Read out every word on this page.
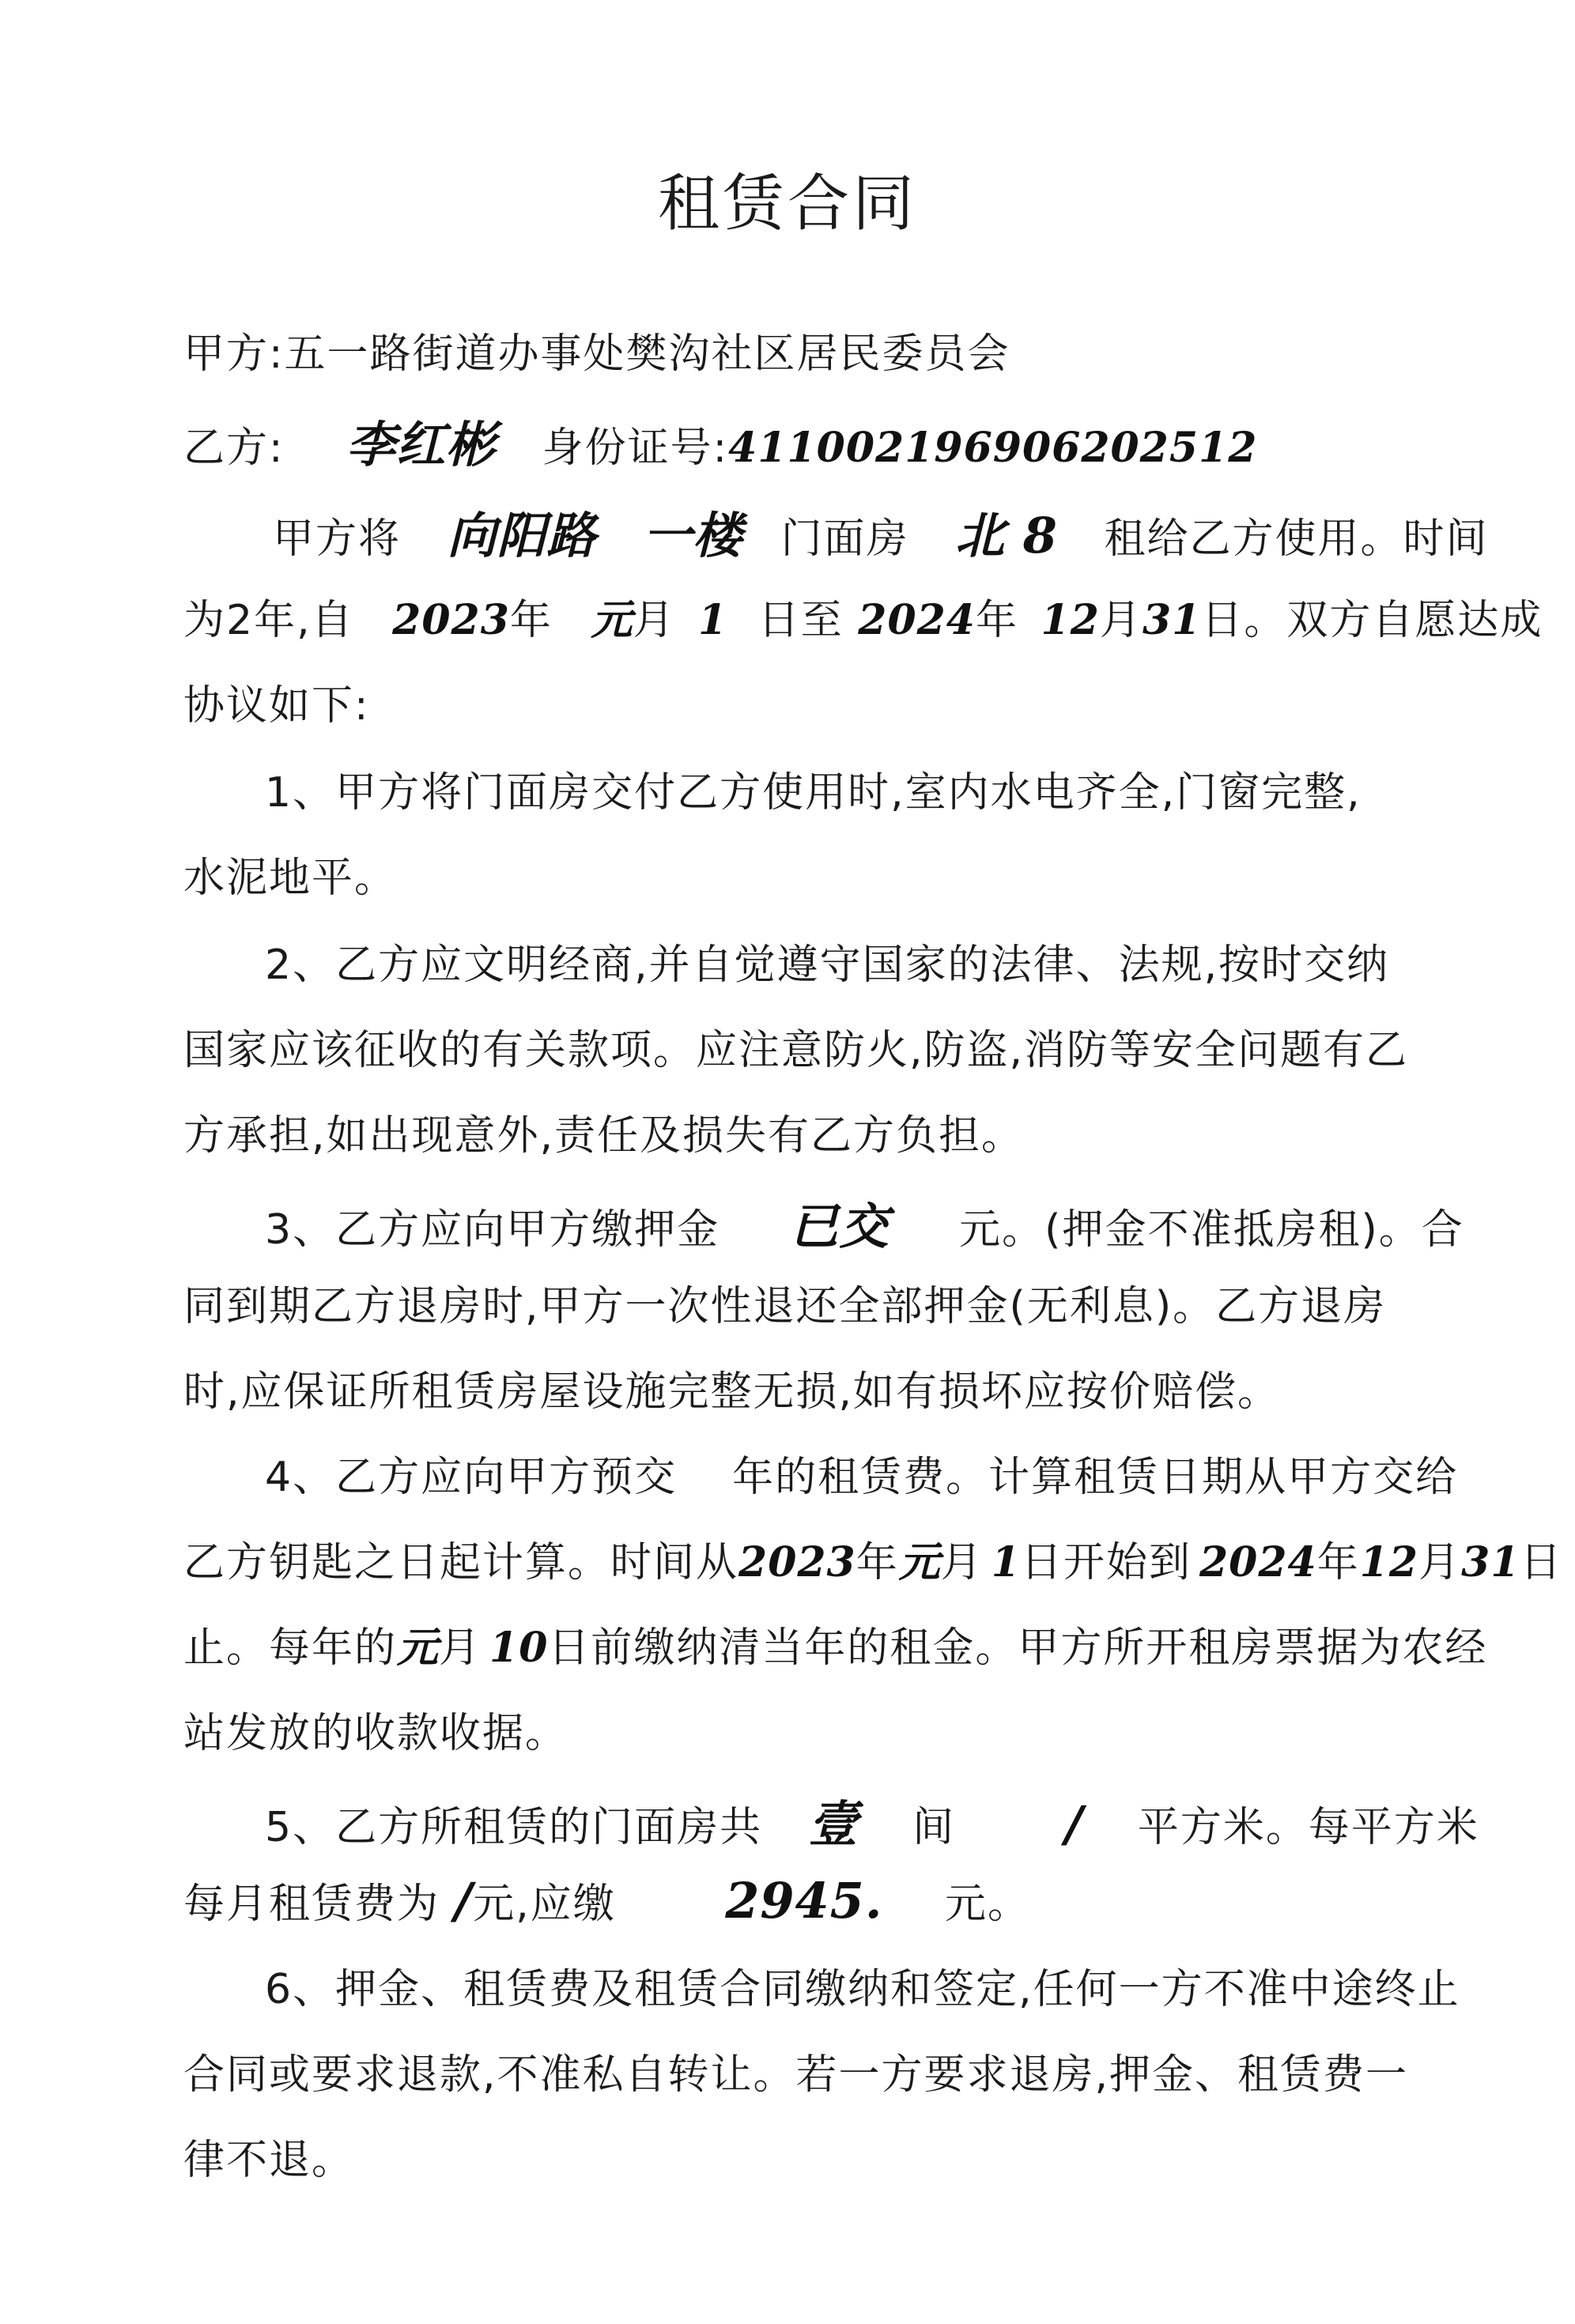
租赁合同
甲方:五一路街道办事处樊沟社区居民委员会
乙方: 李红彬 身份证号:411002196906202512
甲方将 向阳路 一楼 门面房 北 8 租给乙方使用。时间
为2年,自 2023年 元月 1 日至 2024年 12月31日。双方自愿达成
协议如下:
1、甲方将门面房交付乙方使用时,室内水电齐全,门窗完整,
水泥地平。
2、乙方应文明经商,并自觉遵守国家的法律、法规,按时交纳
国家应该征收的有关款项。应注意防火,防盗,消防等安全问题有乙
方承担,如出现意外,责任及损失有乙方负担。
3、乙方应向甲方缴押金 已交 元。(押金不准抵房租)。合
同到期乙方退房时,甲方一次性退还全部押金(无利息)。乙方退房
时,应保证所租赁房屋设施完整无损,如有损坏应按价赔偿。
4、乙方应向甲方预交 年的租赁费。计算租赁日期从甲方交给
乙方钥匙之日起计算。时间从2023年元月 1日开始到 2024年12月31日
止。每年的元月 10日前缴纳清当年的租金。甲方所开租房票据为农经
站发放的收款收据。
5、乙方所租赁的门面房共 壹 间 / 平方米。每平方米
每月租赁费为 /元,应缴 2945. 元。
6、押金、租赁费及租赁合同缴纳和签定,任何一方不准中途终止
合同或要求退款,不准私自转让。若一方要求退房,押金、租赁费一
律不退。
